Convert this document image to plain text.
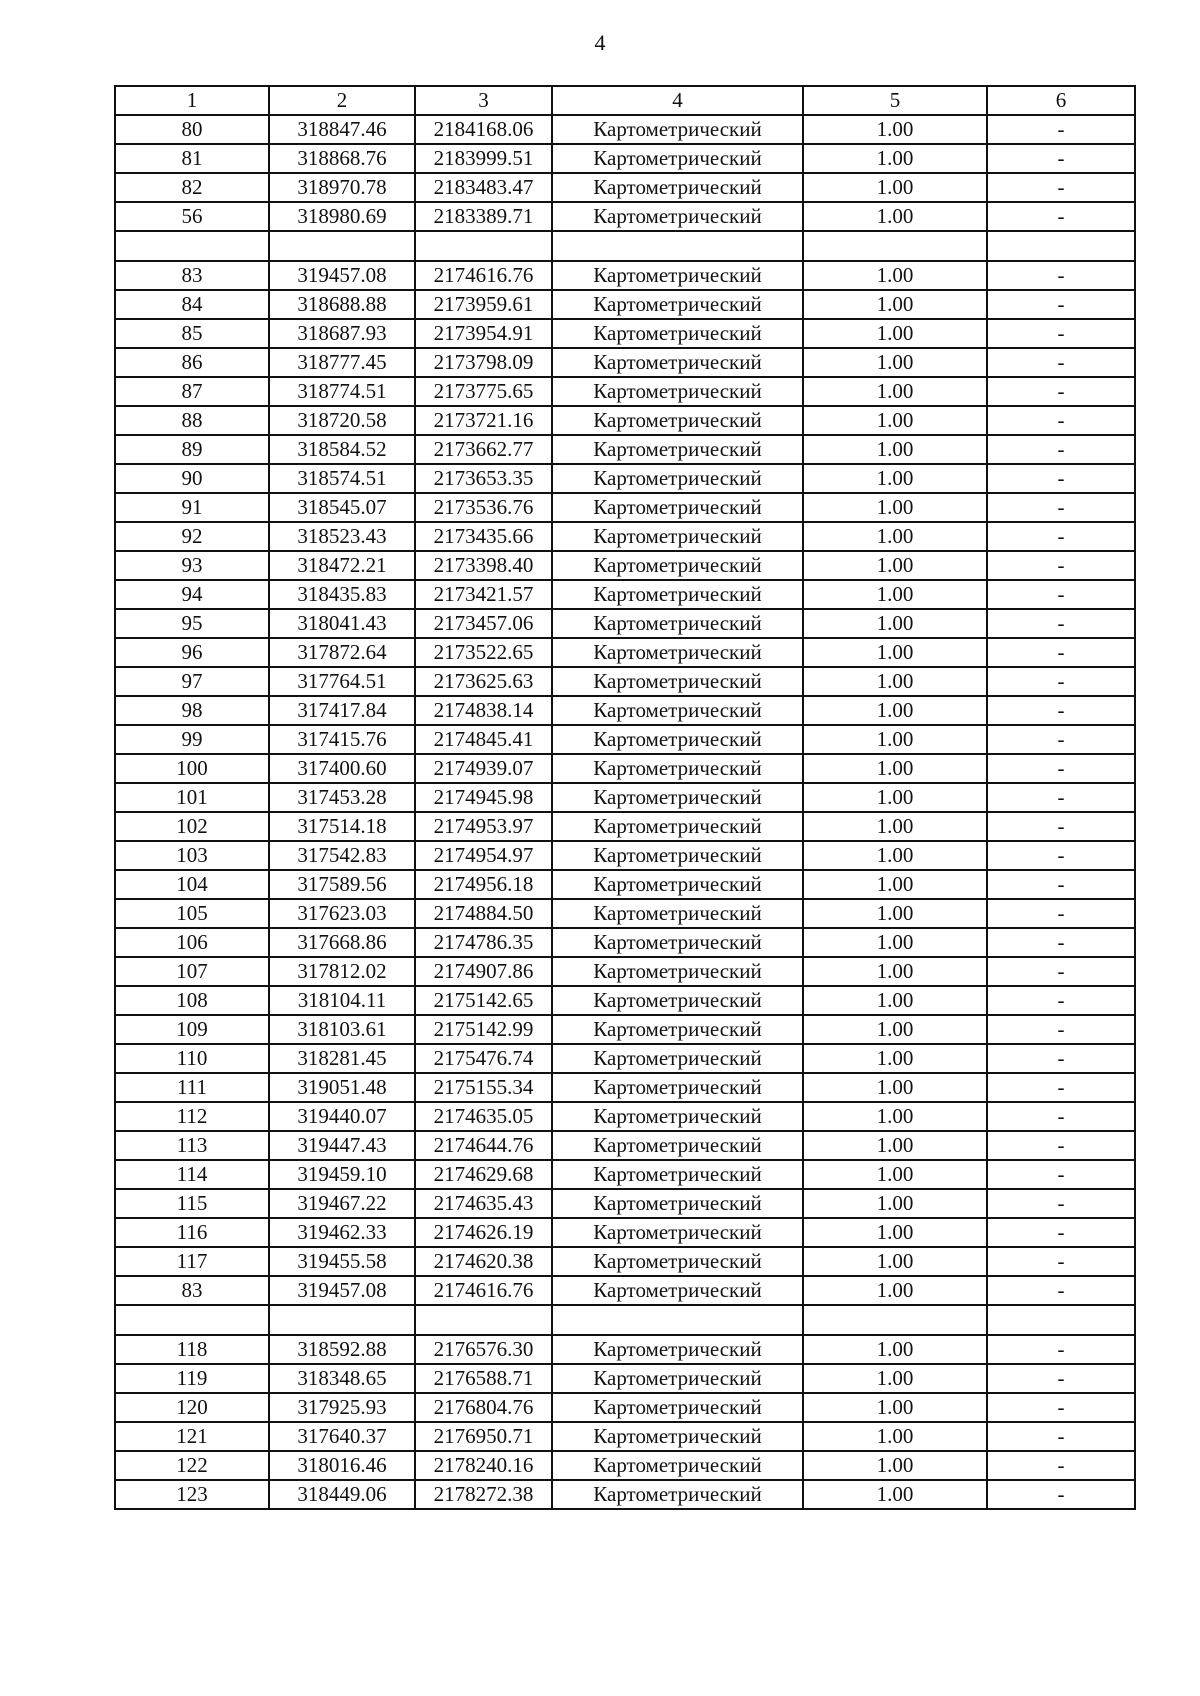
4
1	2	3	4	5	6
80	318847.46	2184168.06	Картометрический	1.00	-
81	318868.76	2183999.51	Картометрический	1.00	-
82	318970.78	2183483.47	Картометрический	1.00	-
56	318980.69	2183389.71	Картометрический	1.00	-

83	319457.08	2174616.76	Картометрический	1.00	-
84	318688.88	2173959.61	Картометрический	1.00	-
85	318687.93	2173954.91	Картометрический	1.00	-
86	318777.45	2173798.09	Картометрический	1.00	-
87	318774.51	2173775.65	Картометрический	1.00	-
88	318720.58	2173721.16	Картометрический	1.00	-
89	318584.52	2173662.77	Картометрический	1.00	-
90	318574.51	2173653.35	Картометрический	1.00	-
91	318545.07	2173536.76	Картометрический	1.00	-
92	318523.43	2173435.66	Картометрический	1.00	-
93	318472.21	2173398.40	Картометрический	1.00	-
94	318435.83	2173421.57	Картометрический	1.00	-
95	318041.43	2173457.06	Картометрический	1.00	-
96	317872.64	2173522.65	Картометрический	1.00	-
97	317764.51	2173625.63	Картометрический	1.00	-
98	317417.84	2174838.14	Картометрический	1.00	-
99	317415.76	2174845.41	Картометрический	1.00	-
100	317400.60	2174939.07	Картометрический	1.00	-
101	317453.28	2174945.98	Картометрический	1.00	-
102	317514.18	2174953.97	Картометрический	1.00	-
103	317542.83	2174954.97	Картометрический	1.00	-
104	317589.56	2174956.18	Картометрический	1.00	-
105	317623.03	2174884.50	Картометрический	1.00	-
106	317668.86	2174786.35	Картометрический	1.00	-
107	317812.02	2174907.86	Картометрический	1.00	-
108	318104.11	2175142.65	Картометрический	1.00	-
109	318103.61	2175142.99	Картометрический	1.00	-
110	318281.45	2175476.74	Картометрический	1.00	-
111	319051.48	2175155.34	Картометрический	1.00	-
112	319440.07	2174635.05	Картометрический	1.00	-
113	319447.43	2174644.76	Картометрический	1.00	-
114	319459.10	2174629.68	Картометрический	1.00	-
115	319467.22	2174635.43	Картометрический	1.00	-
116	319462.33	2174626.19	Картометрический	1.00	-
117	319455.58	2174620.38	Картометрический	1.00	-
83	319457.08	2174616.76	Картометрический	1.00	-

118	318592.88	2176576.30	Картометрический	1.00	-
119	318348.65	2176588.71	Картометрический	1.00	-
120	317925.93	2176804.76	Картометрический	1.00	-
121	317640.37	2176950.71	Картометрический	1.00	-
122	318016.46	2178240.16	Картометрический	1.00	-
123	318449.06	2178272.38	Картометрический	1.00	-
